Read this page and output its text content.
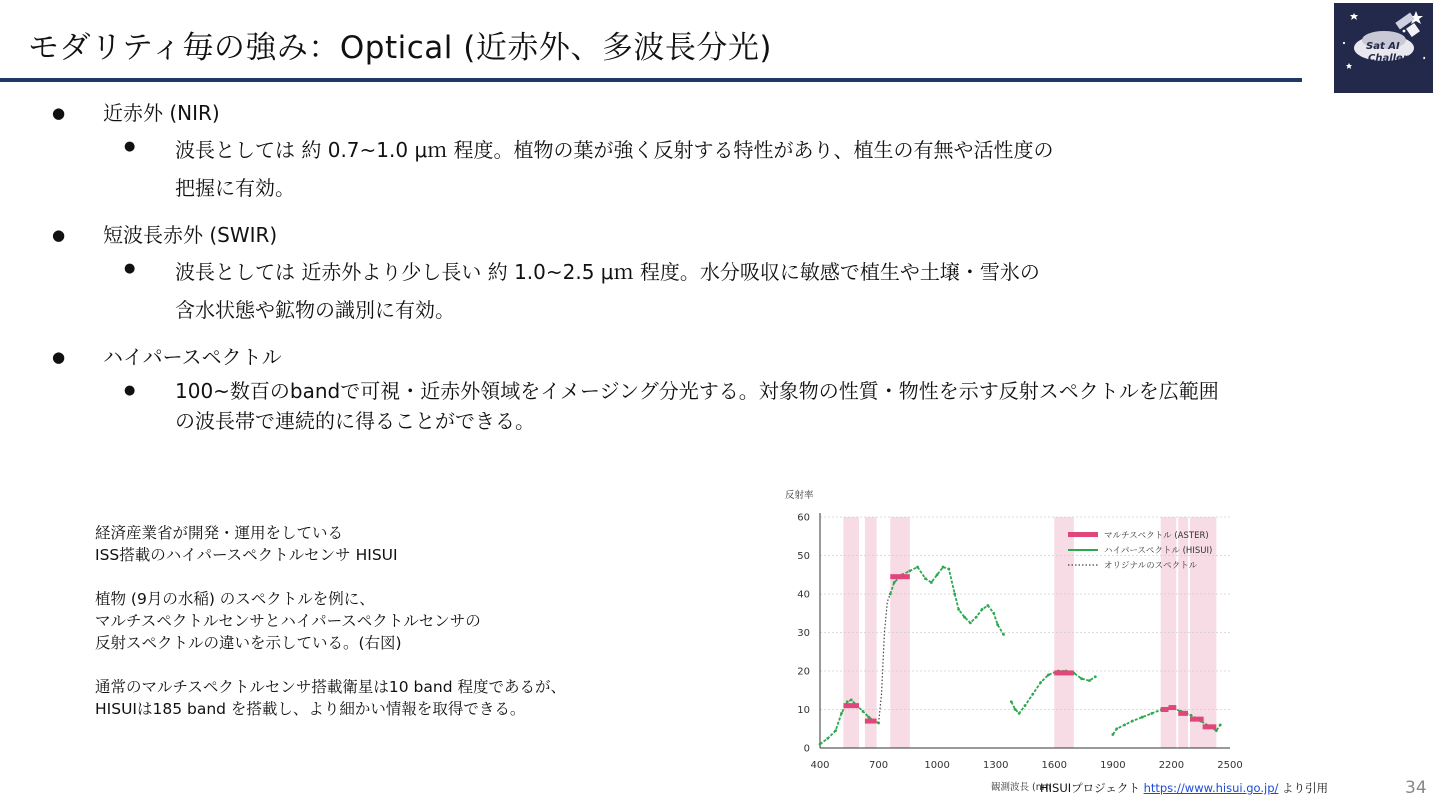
モダリティ毎の強み：Optical (近赤外、多波長分光)	Sat AI
Challenge
● 近赤外 (NIR)
● 波長としては 約 0.7~1.0 μｍ 程度。植物の葉が強く反射する特性があり、植生の有無や活性度の
把握に有効。
● 短波長赤外 (SWIR)
● 波長としては 近赤外より少し長い 約 1.0~2.5 μｍ 程度。水分吸収に敏感で植生や土壌・雪氷の
含水状態や鉱物の識別に有効。
● ハイパースペクトル
● 100~数百のbandで可視・近赤外領域をイメージング分光する。対象物の性質・物性を示す反射スペクトルを広範囲
の波長帯で連続的に得ることができる。

経済産業省が開発・運用をしている

ISS搭載のハイパースペクトルセンサ HISUI

植物 (9月の水稲) のスペクトルを例に、

マルチスペクトルセンサとハイパースペクトルセンサの

反射スペクトルの違いを示している。(右図)

通常のマルチスペクトルセンサ搭載衛星は10 band 程度であるが、

HISUIは185 band を搭載し、より細かい情報を取得できる。

0
10
20
30
40
50
60
400	700	1000	1300	1600	1900	2200	2500
反射率
観測波長 (nm
マルチスペクトル (ASTER)
ハイパースペクトル (HISUI)
オリジナルのスペクトル
HISUIプロジェクト https://www.hisui.go.jp/ より引用	34
